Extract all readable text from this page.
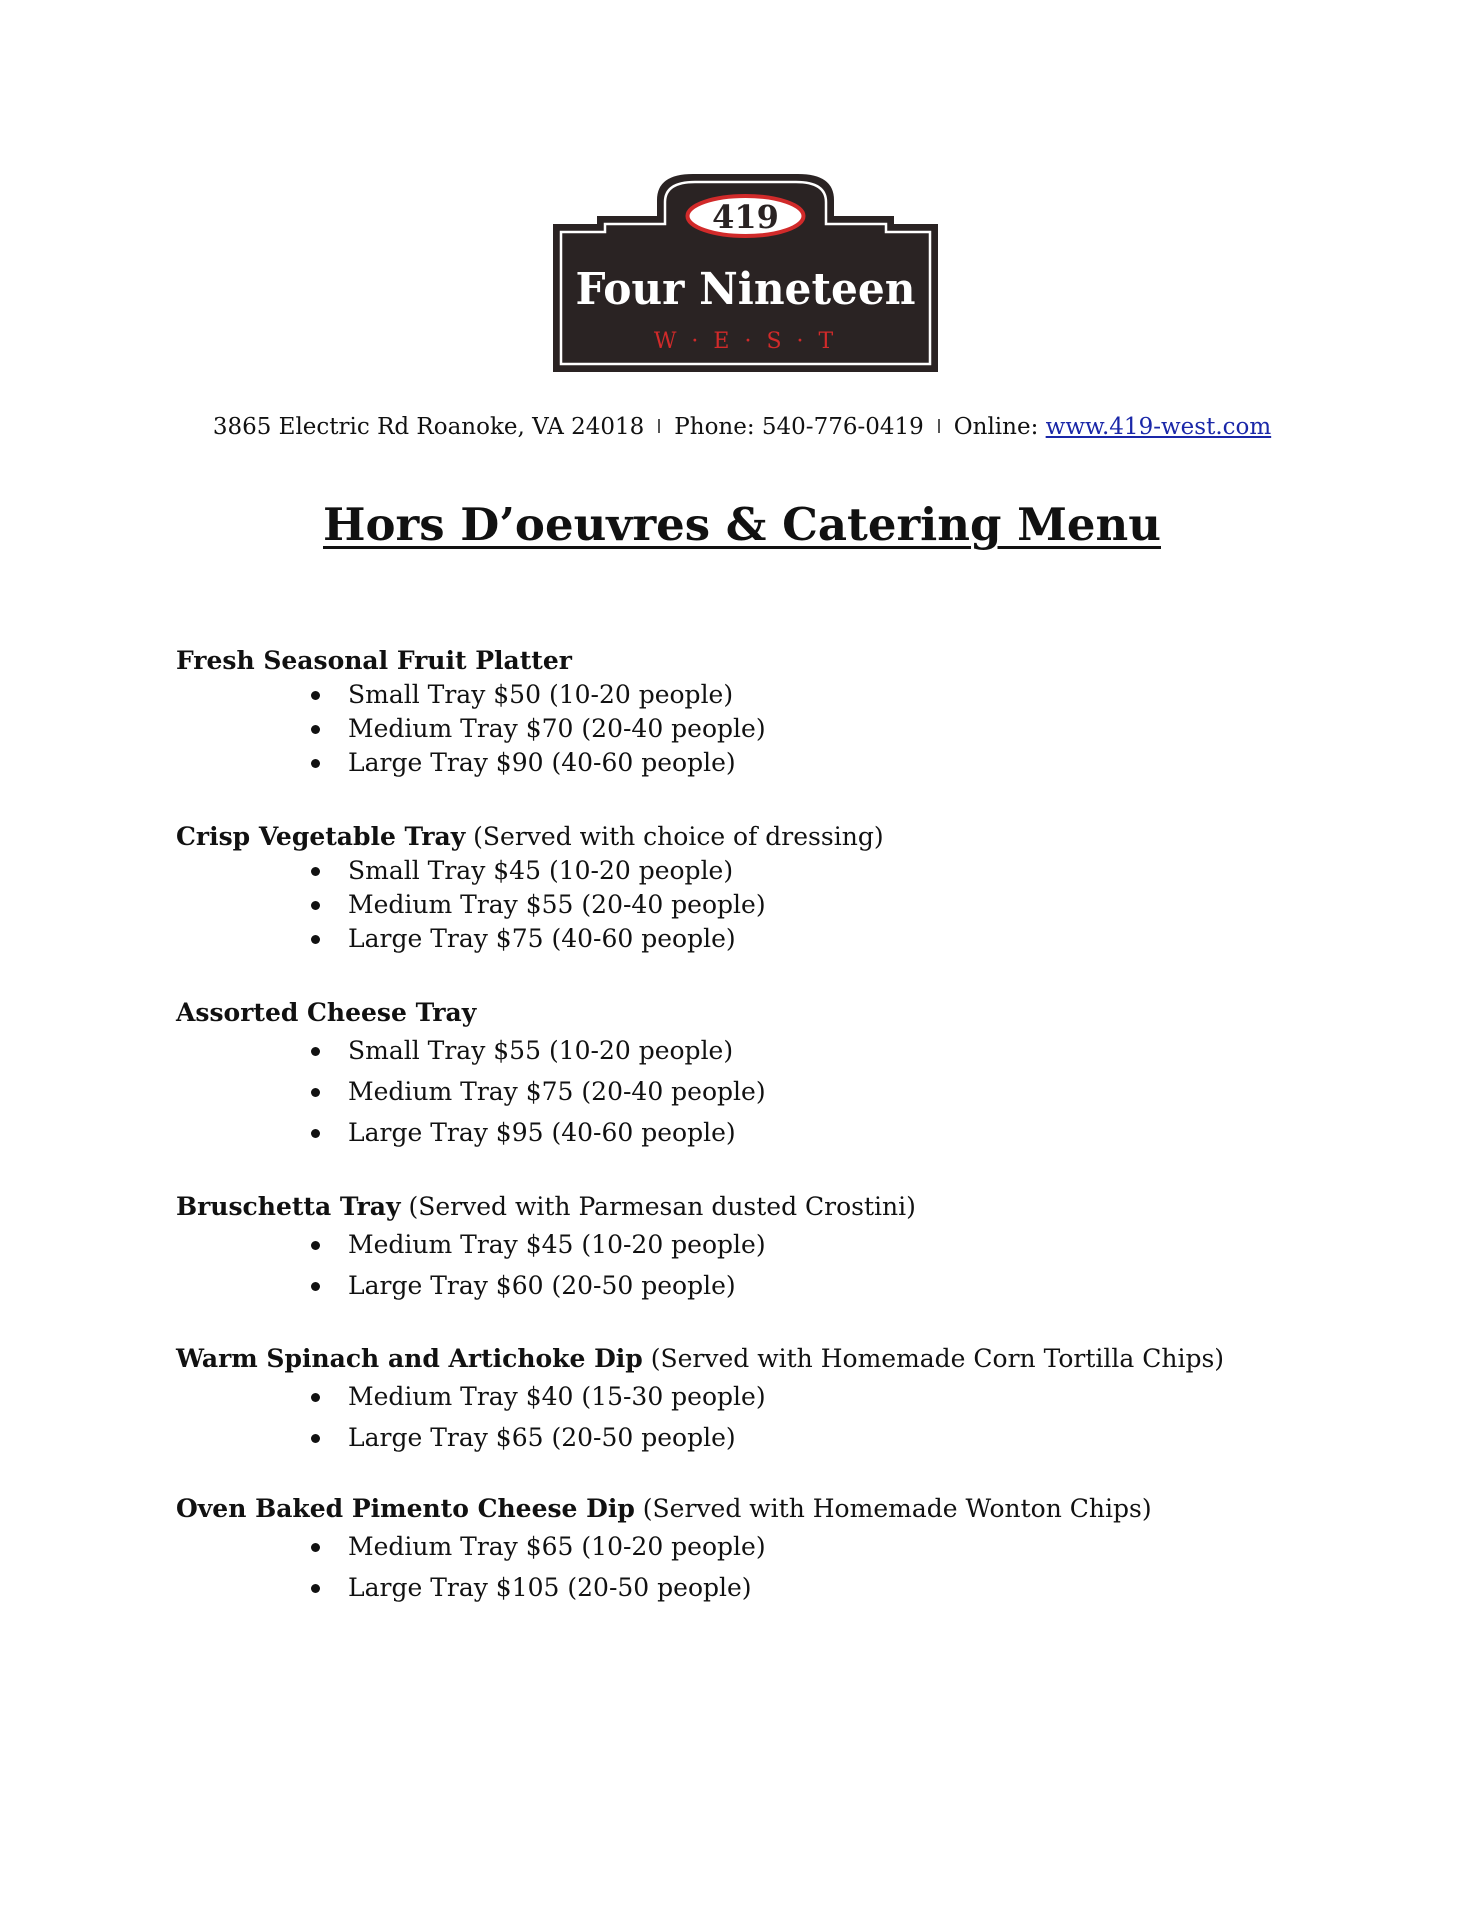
419
Four Nineteen
W · E · S · T
3865 Electric Rd Roanoke, VA 24018 Phone: 540-776-0419 Online: www.419-west.com
Hors D’oeuvres & Catering Menu
Fresh Seasonal Fruit Platter
Small Tray $50 (10-20 people)
Medium Tray $70 (20-40 people)
Large Tray $90 (40-60 people)
Crisp Vegetable Tray (Served with choice of dressing)
Small Tray $45 (10-20 people)
Medium Tray $55 (20-40 people)
Large Tray $75 (40-60 people)
Assorted Cheese Tray
Small Tray $55 (10-20 people)
Medium Tray $75 (20-40 people)
Large Tray $95 (40-60 people)
Bruschetta Tray (Served with Parmesan dusted Crostini)
Medium Tray $45 (10-20 people)
Large Tray $60 (20-50 people)
Warm Spinach and Artichoke Dip (Served with Homemade Corn Tortilla Chips)
Medium Tray $40 (15-30 people)
Large Tray $65 (20-50 people)
Oven Baked Pimento Cheese Dip (Served with Homemade Wonton Chips)
Medium Tray $65 (10-20 people)
Large Tray $105 (20-50 people)
